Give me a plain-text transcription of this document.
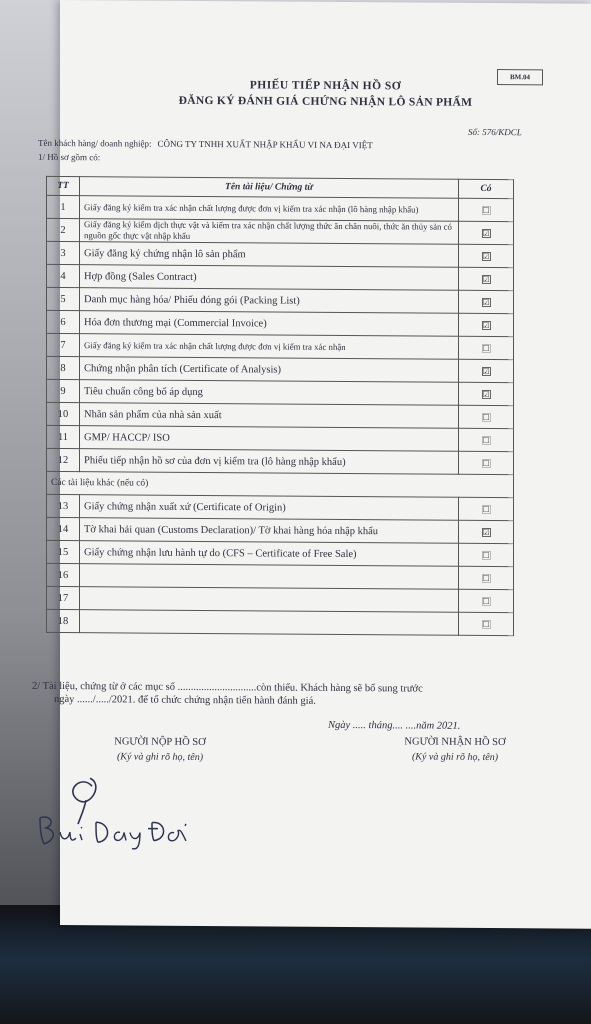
BM.04
PHIẾU TIẾP NHẬN HỒ SƠ
ĐĂNG KÝ ĐÁNH GIÁ CHỨNG NHẬN LÔ SẢN PHẨM
Số: 576/KDCL
Tên khách hàng/ doanh nghiệp: CÔNG TY TNHH XUẤT NHẬP KHẨU VI NA ĐẠI VIỆT
1/ Hồ sơ gồm có:
TT	Tên tài liệu/ Chứng từ	Có
1	Giấy đăng ký kiểm tra xác nhận chất lượng được đơn vị kiểm tra xác nhận (lô hàng nhập khẩu)	☐
2	Giấy đăng ký kiểm dịch thực vật và kiểm tra xác nhận chất lượng thức ăn chăn nuôi, thức ăn thủy sản có nguồn gốc thực vật nhập khẩu	☑
3	Giấy đăng ký chứng nhận lô sản phẩm	☑
4	Hợp đồng (Sales Contract)	☑
5	Danh mục hàng hóa/ Phiếu đóng gói (Packing List)	☑
6	Hóa đơn thương mại (Commercial Invoice)	☑
7	Giấy đăng ký kiểm tra xác nhận chất lượng được đơn vị kiểm tra xác nhận	☐
8	Chứng nhận phân tích (Certificate of Analysis)	☑
9	Tiêu chuẩn công bố áp dụng	☑
10	Nhãn sản phẩm của nhà sản xuất	☐
11	GMP/ HACCP/ ISO	☐
12	Phiếu tiếp nhận hồ sơ của đơn vị kiểm tra (lô hàng nhập khẩu)	☐
Các tài liệu khác (nếu có)		
13	Giấy chứng nhận xuất xứ (Certificate of Origin)	☐
14	Tờ khai hải quan (Customs Declaration)/ Tờ khai hàng hóa nhập khẩu	☑
15	Giấy chứng nhận lưu hành tự do (CFS – Certificate of Free Sale)	☐
16		☐
17		☐
18		☐
2/ Tài liệu, chứng từ ở các mục số ..............................còn thiếu. Khách hàng sẽ bổ sung trước
ngày ....../...../2021. để tổ chức chứng nhận tiến hành đánh giá.
Ngày ..... tháng.... ....năm 2021.
NGƯỜI NỘP HỒ SƠ
(Ký và ghi rõ họ, tên)
NGƯỜI NHẬN HỒ SƠ
(Ký và ghi rõ họ, tên)
